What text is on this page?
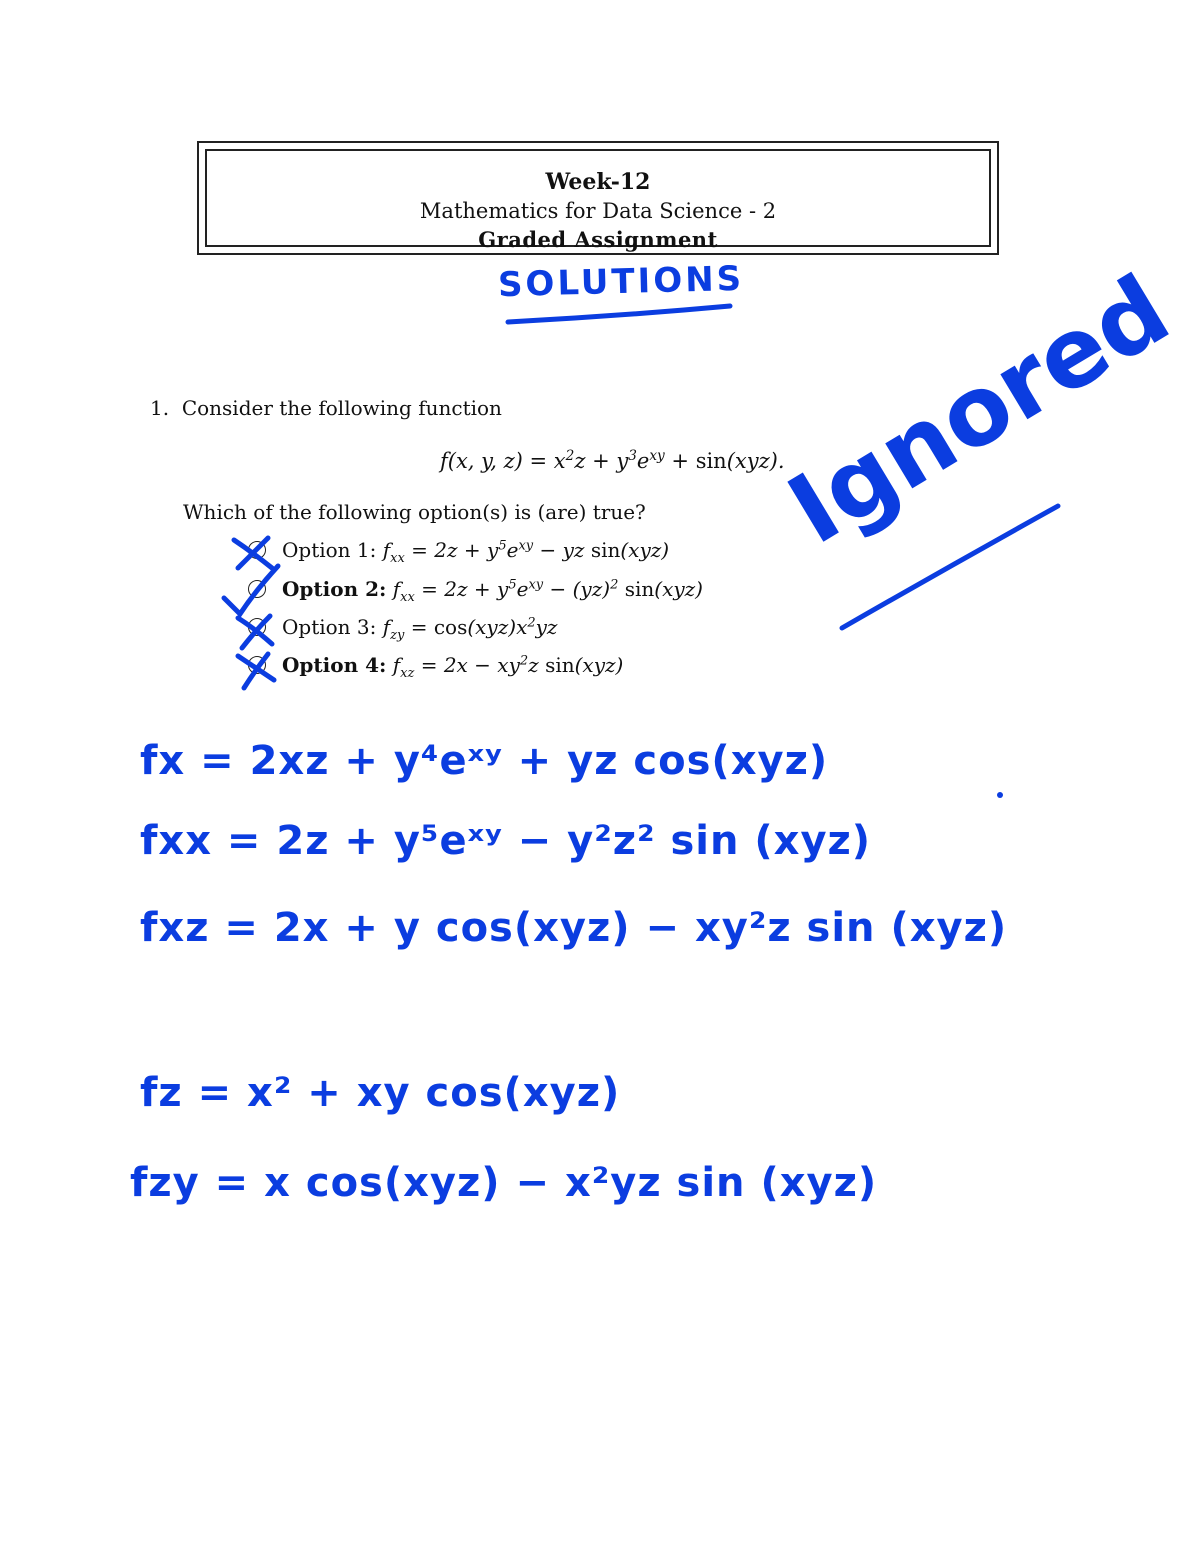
Week-12
Mathematics for Data Science - 2
Graded Assignment
SOLUTIONS
1. Consider the following function
f(x, y, $z) = x^2z + y^3e^{xy} + \sin(xyz)$.
Which of the following option(s) is (are) true?
Option 1: $f_{xx} = 2z + y^5e^{xy}$ − yz sin(xyz)
Option 2: $f_{xx} = 2z + y^5e^{xy} - (yz)^2$ sin(xyz)
Option 3: $f_{zy} = \cos(xyz)x^2yz$
Option 4: $f_{xz} = 2x - xy^2z$ sin(xyz)
Ignored
fx = 2xz + y⁴eˣʸ + yz cos(xyz)
fxx = 2z + y⁵eˣʸ − y²z² sin (xyz)
fxz = 2x + y cos(xyz) − xy²z sin (xyz)
fz = x² + xy cos(xyz)
fzy = x cos(xyz) − x²yz sin (xyz)
